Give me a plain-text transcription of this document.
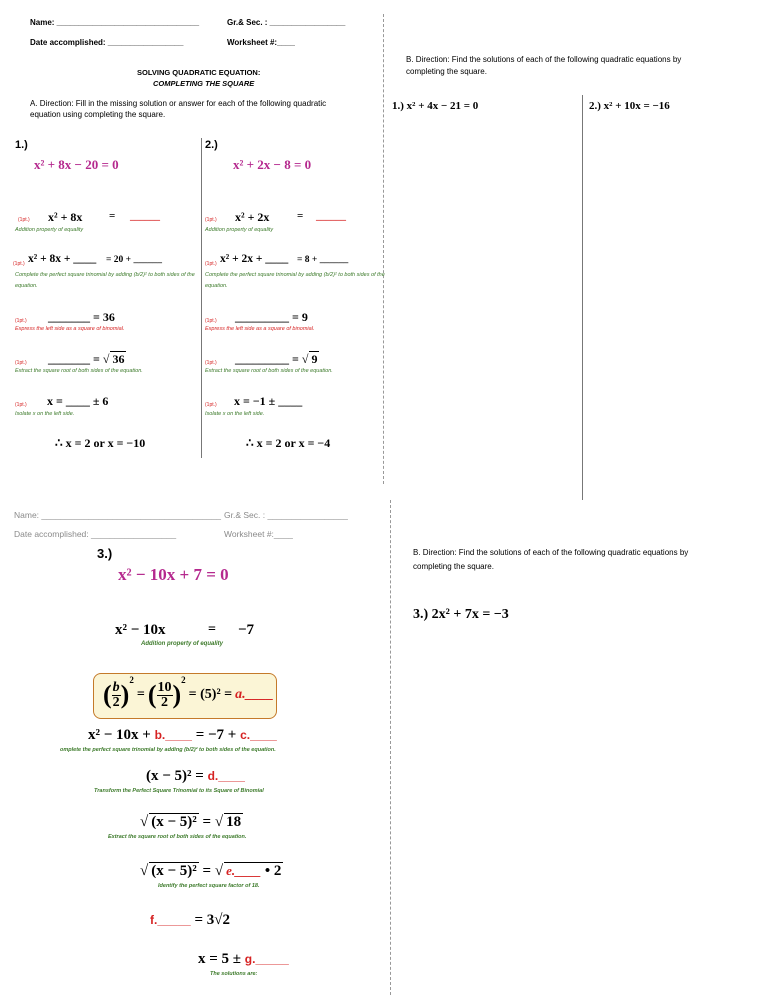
Name: ________________________________	Gr.& Sec. : _________________
Date accomplished: _________________	Worksheet #:____
SOLVING QUADRATIC EQUATION:
COMPLETING THE SQUARE
A. Direction: Fill in the missing solution or answer for each of the following quadratic
equation using completing the square.
B. Direction: Find the solutions of each of the following quadratic equations by
completing the square.
1.) x² + 4x − 21 = 0	2.) x² + 10x = −16
1.)
x² + 8x − 20 = 0
(1pt.) x² + 8x = ______
Addition property of equality
(1pt.) x² + 8x + ____ = 20 + ______
Complete the perfect square trinomial by adding (b/2)² to both sides of the
equation.
(1pt.) _______ = 36
Express the left side as a square of binomial.
(1pt.) _______ = √ 36
Extract the square root of both sides of the equation.
(1pt.) x = ____ ± 6
Isolate x on the left side.
∴ x = 2 or x = −10
2.)
x² + 2x − 8 = 0
(1pt.) x² + 2x	= ______
Addition property of equality
(1pt.) x² + 2x + ____ = 8 + ______
Complete the perfect square trinomial by adding (b/2)² to both sides of the
equation.
(1pt.) _________ = 9
Express the left side as a square of binomial.
(1pt.) _________ = √ 9
Extract the square root of both sides of the equation.
(1pt.) x = −1 ± ____
Isolate x on the left side.
∴ x = 2 or x = −4
Name: ______________________________________ Gr.& Sec. : _________________
Date accomplished: __________________	Worksheet #:____
B. Direction: Find the solutions of each of the following quadratic equations by
completing the square.
3.) 2x² + 7x = −3
3.)
x² − 10x + 7 = 0
x² − 10x	= −7
Addition property of equality
( $\frac{b}{2} )^2$
= ( $\frac{10}{2} )^2$
= (5)² = a.____
x² − 10x + b.____ = −7 + c.____
omplete the perfect square trinomial by adding (b/2)² to both sides of the equation.
(x − 5)² = d.____
Transform the Perfect Square Trinomial to its Square of Binomial
√ (x − 5)² = √ 18
Extract the square root of both sides of the equation.
√ (x − 5)² = √ e.____ • 2
Identify the perfect square factor of 18.
f._____ = 3√2
x = 5 ± g._____
The solutions are:
